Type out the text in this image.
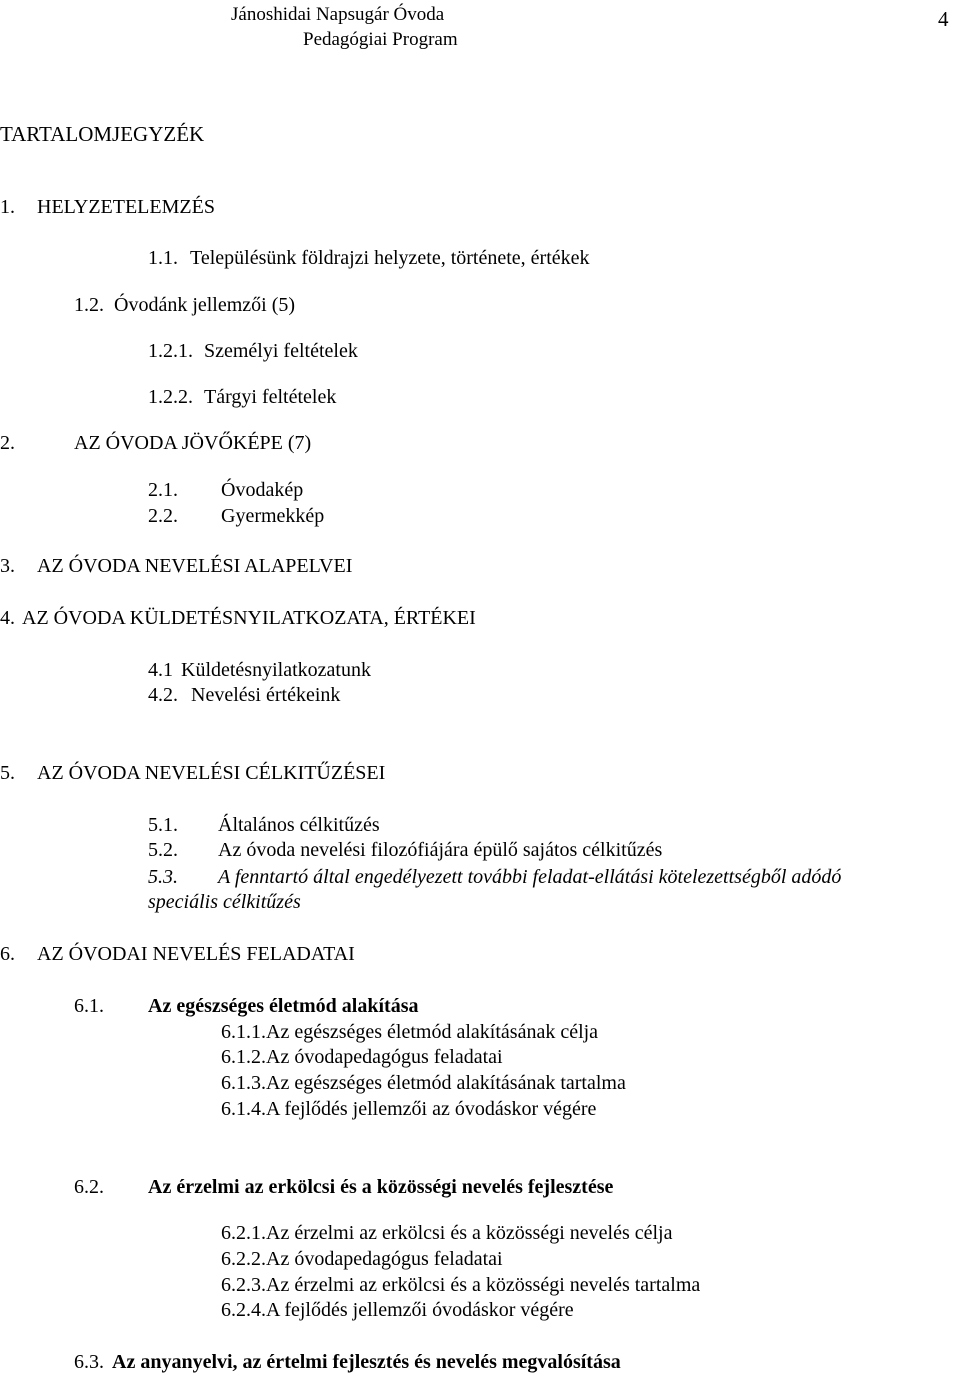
Jánoshidai Napsugár Óvoda
Pedagógiai Program
4
TARTALOMJEGYZÉK
1. HELYZETELEMZÉS
1.1. Településünk földrajzi helyzete, története, értékek
1.2. Óvodánk jellemzői (5)
1.2.1. Személyi feltételek
1.2.2. Tárgyi feltételek
2.	AZ ÓVODA JÖVŐKÉPE (7)
2.1. Óvodakép
2.2. Gyermekkép
3. AZ ÓVODA NEVELÉSI ALAPELVEI
4. AZ ÓVODA KÜLDETÉSNYILATKOZATA, ÉRTÉKEI
4.1 Küldetésnyilatkozatunk
4.2. Nevelési értékeink
5. AZ ÓVODA NEVELÉSI CÉLKITŰZÉSEI
5.1. Általános célkitűzés
5.2. Az óvoda nevelési filozófiájára épülő sajátos célkitűzés
5.3. A fenntartó által engedélyezett további feladat-ellátási kötelezettségből adódó
speciális célkitűzés
6. AZ ÓVODAI NEVELÉS FELADATAI
6.1. Az egészséges életmód alakítása
6.1.1.Az egészséges életmód alakításának célja
6.1.2.Az óvodapedagógus feladatai
6.1.3.Az egészséges életmód alakításának tartalma
6.1.4.A fejlődés jellemzői az óvodáskor végére
6.2. Az érzelmi az erkölcsi és a közösségi nevelés fejlesztése
6.2.1.Az érzelmi az erkölcsi és a közösségi nevelés célja
6.2.2.Az óvodapedagógus feladatai
6.2.3.Az érzelmi az erkölcsi és a közösségi nevelés tartalma
6.2.4.A fejlődés jellemzői óvodáskor végére
6.3. Az anyanyelvi, az értelmi fejlesztés és nevelés megvalósítása
